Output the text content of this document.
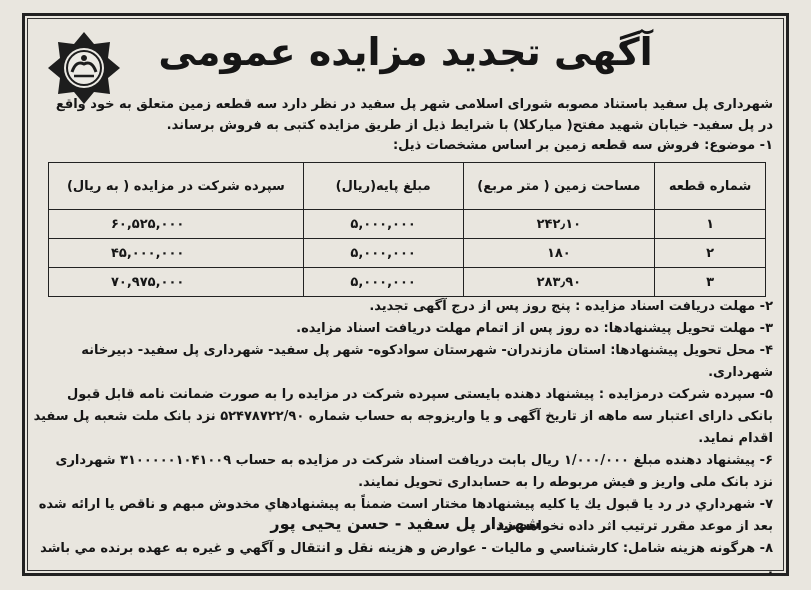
آگهی تجدید مزایده عمومی
شهرداری پل سفید باستناد مصوبه شورای اسلامی شهر پل سفید در نظر دارد سه قطعه زمین متعلق به خود واقع در پل سفید- خیابان شهید مفتح( میارکلا) با شرایط ذیل از طریق مزایده کتبی به فروش برساند.
۱- موضوع: فروش سه قطعه زمین بر اساس مشخصات ذیل:
شماره قطعه	مساحت زمین ( متر مربع)	مبلغ پایه(ریال)	سپرده شرکت در مزایده ( به ریال)
۱	۲۴۲٫۱۰	۵,۰۰۰,۰۰۰	۶۰,۵۲۵,۰۰۰
۲	۱۸۰	۵,۰۰۰,۰۰۰	۴۵,۰۰۰,۰۰۰
۳	۲۸۳٫۹۰	۵,۰۰۰,۰۰۰	۷۰,۹۷۵,۰۰۰

۲- مهلت دریافت اسناد مزایده : پنج روز پس از درج آگهی تجدید.

۳- مهلت تحویل پیشنهادها: ده روز پس از اتمام مهلت دریافت اسناد مزایده.

۴- محل تحویل پیشنهادها: استان مازندران- شهرستان سوادکوه- شهر پل سفید- شهرداری پل سفید- دبیرخانه شهرداری.

۵- سپرده شرکت درمزایده : پیشنهاد دهنده بایستی سپرده شرکت در مزایده را به صورت ضمانت نامه قابل قبول بانکی دارای اعتبار سه ماهه از تاریخ آگهی و یا واریزوجه به حساب شماره ۵۲۴۷۸۷۲۲/۹۰ نزد بانک ملت شعبه پل سفید اقدام نماید.

۶- پیشنهاد دهنده مبلغ ۱/۰۰۰/۰۰۰ ریال بابت دریافت اسناد شرکت در مزایده به حساب ۳۱۰۰۰۰۰۱۰۴۱۰۰۹ شهرداری نزد بانک ملی واریز و فیش مربوطه را به حسابداری تحویل نمایند.

۷- شهرداري در رد يا قبول یك يا کليه پيشنهادها مختار است ضمناً به پیشنهادهاي مخدوش مبهم و ناقص يا ارائه شده بعد از موعد مقرر ترتيب اثر داده نخواهد شد .

۸- هرگونه هزينه شامل: كارشناسي و ماليات - عوارض و هزينه نقل و انتقال و آگهي و غيره به عهده برنده مي باشد .

شهردار پل سفید - حسن یحیی پور
